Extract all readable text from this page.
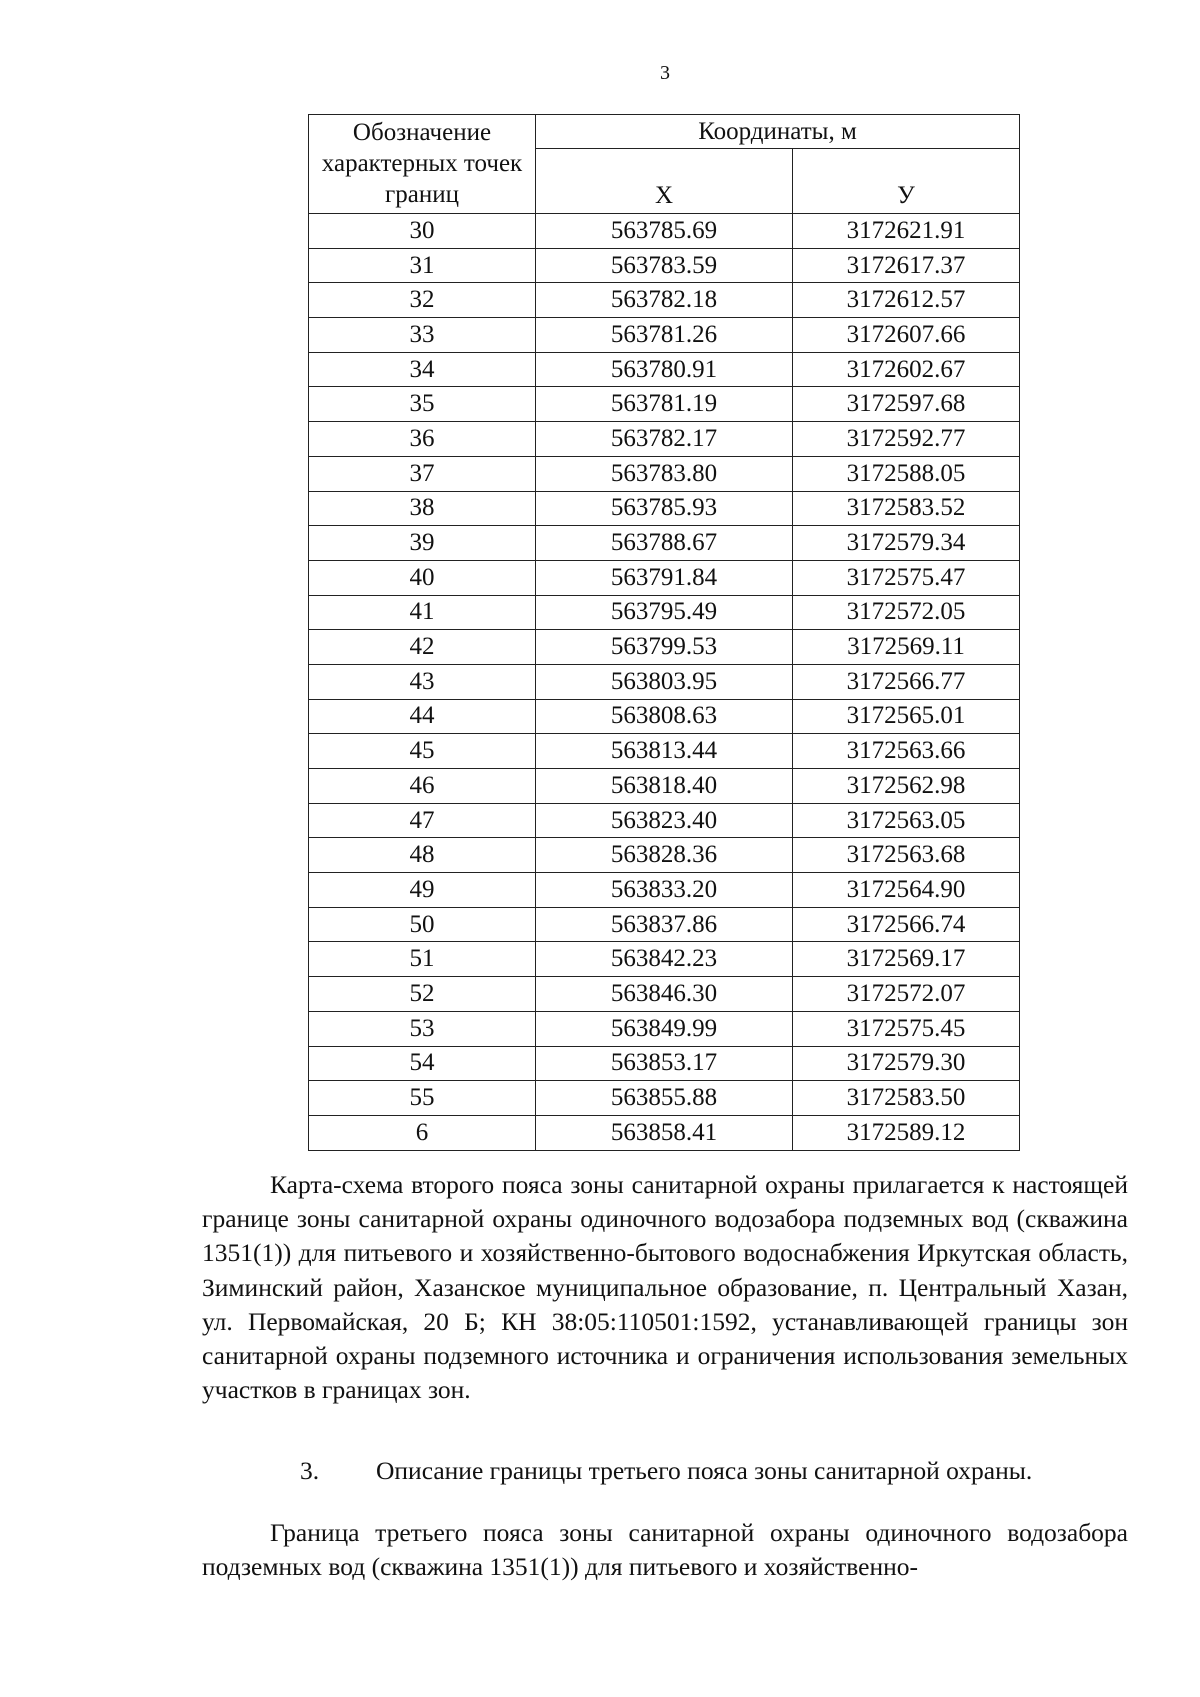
3
Обозначение характерных точек границ	Координаты, м	
	Х	У
30	563785.69	3172621.91
31	563783.59	3172617.37
32	563782.18	3172612.57
33	563781.26	3172607.66
34	563780.91	3172602.67
35	563781.19	3172597.68
36	563782.17	3172592.77
37	563783.80	3172588.05
38	563785.93	3172583.52
39	563788.67	3172579.34
40	563791.84	3172575.47
41	563795.49	3172572.05
42	563799.53	3172569.11
43	563803.95	3172566.77
44	563808.63	3172565.01
45	563813.44	3172563.66
46	563818.40	3172562.98
47	563823.40	3172563.05
48	563828.36	3172563.68
49	563833.20	3172564.90
50	563837.86	3172566.74
51	563842.23	3172569.17
52	563846.30	3172572.07
53	563849.99	3172575.45
54	563853.17	3172579.30
55	563855.88	3172583.50
6	563858.41	3172589.12

Карта-схема второго пояса зоны санитарной охраны прилагается к настоящей границе зоны санитарной охраны одиночного водозабора подземных вод (скважина 1351(1)) для питьевого и хозяйственно-бытового водоснабжения Иркутская область, Зиминский район, Хазанское муниципальное образование, п. Центральный Хазан, ул. Первомайская, 20 Б; КН 38:05:110501:1592, устанавливающей границы зон санитарной охраны подземного источника и ограничения использования земельных участков в границах зон.

3. Описание границы третьего пояса зоны санитарной охраны.

Граница третьего пояса зоны санитарной охраны одиночного водозабора подземных вод (скважина 1351(1)) для питьевого и хозяйственно-
